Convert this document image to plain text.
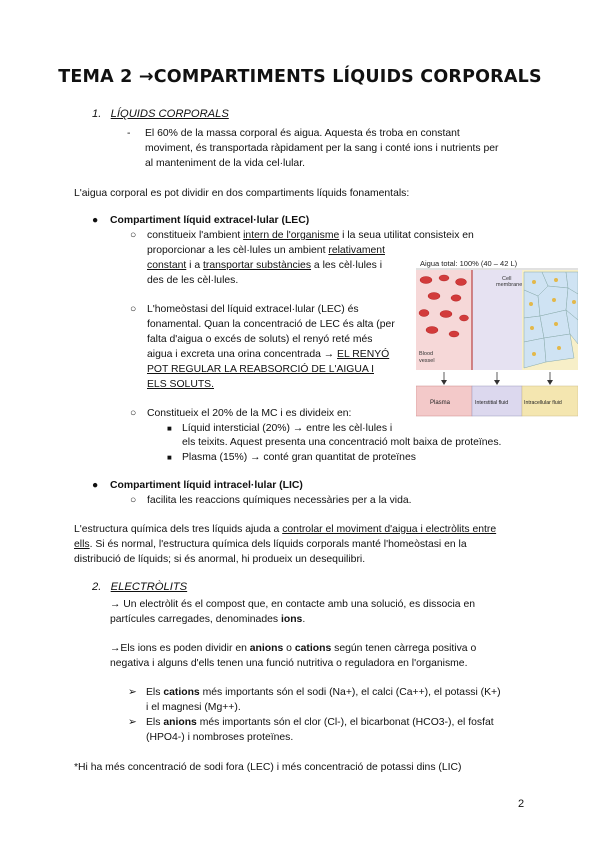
TEMA 2 →COMPARTIMENTS LÍQUIDS CORPORALS
1. LÍQUIDS CORPORALS
- El 60% de la massa corporal és aigua. Aquesta és troba en constant
moviment, és transportada ràpidament per la sang i conté ions i nutrients per
al manteniment de la vida cel·lular.
L'aigua corporal es pot dividir en dos compartiments líquids fonamentals:
● Compartiment líquid extracel·lular (LEC)
○ constitueix l'ambient intern de l'organisme i la seua utilitat consisteix en
proporcionar a les cèl·lules un ambient relativament
constant i a transportar substàncies a les cèl·lules i
des de les cèl·lules.
○ L'homeòstasi del líquid extracel·lular (LEC) és
fonamental. Quan la concentració de LEC és alta (per
falta d'aigua o excés de soluts) el renyó reté més
aigua i excreta una orina concentrada → EL RENYÓ
POT REGULAR LA REABSORCIÓ DE L'AIGUA I
ELS SOLUTS.
○ Constitueix el 20% de la MC i es divideix en:
■ Líquid intersticial (20%) → entre les cèl·lules i
els teixits. Aquest presenta una concentració molt baixa de proteïnes.
■ Plasma (15%) → conté gran quantitat de proteïnes
● Compartiment líquid intracel·lular (LIC)
○ facilita les reaccions químiques necessàries per a la vida.
L'estructura química dels tres líquids ajuda a controlar el moviment d'aigua i electròlits entre
ells. Si és normal, l'estructura química dels líquids corporals manté l'homeòstasi en la
distribució de líquids; si és anormal, hi produeix un desequilibri.
2. ELECTRÒLITS
→ Un electròlit és el compost que, en contacte amb una solució, es dissocia en
partícules carregades, denominades ions.
→Els ions es poden dividir en anions o cations según tenen càrrega positiva o
negativa i alguns d'ells tenen una funció nutritiva o reguladora en l'organisme.
➢ Els cations més importants són el sodi (Na+), el calci (Ca++), el potassi (K+)
i el magnesi (Mg++).
➢ Els anions més importants són el clor (Cl-), el bicarbonat (HCO3-), el fosfat
(HPO4-) i nombroses proteïnes.
*Hi ha més concentració de sodi fora (LEC) i més concentració de potassi dins (LIC)
2
Aigua total: 100% (40 – 42 L)
Blood
vessel
Cell
membrane
Plasma	Interstitial fluid	Intracellular fluid
